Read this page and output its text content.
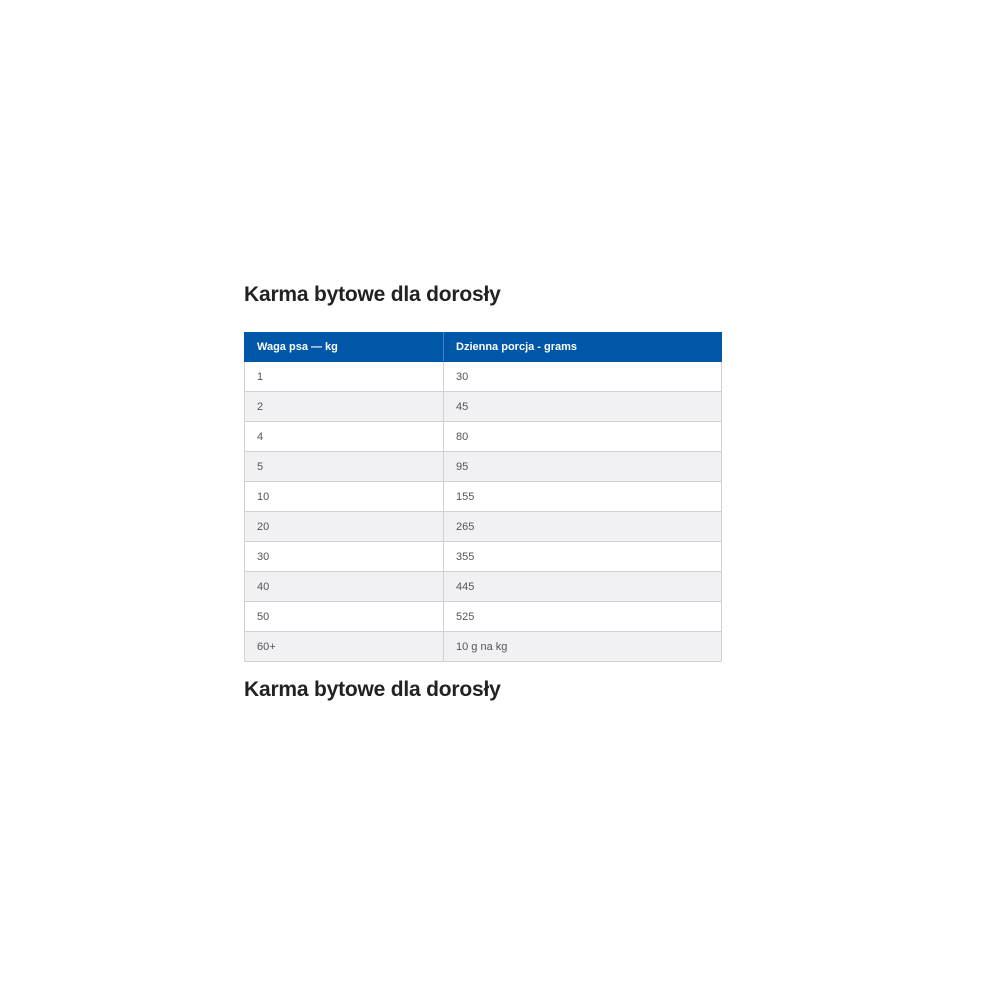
Karma bytowe dla dorosły
Waga psa — kg	Dzienna porcja - grams
1	30
2	45
4	80
5	95
10	155
20	265
30	355
40	445
50	525
60+	10 g na kg
Karma bytowe dla dorosły
